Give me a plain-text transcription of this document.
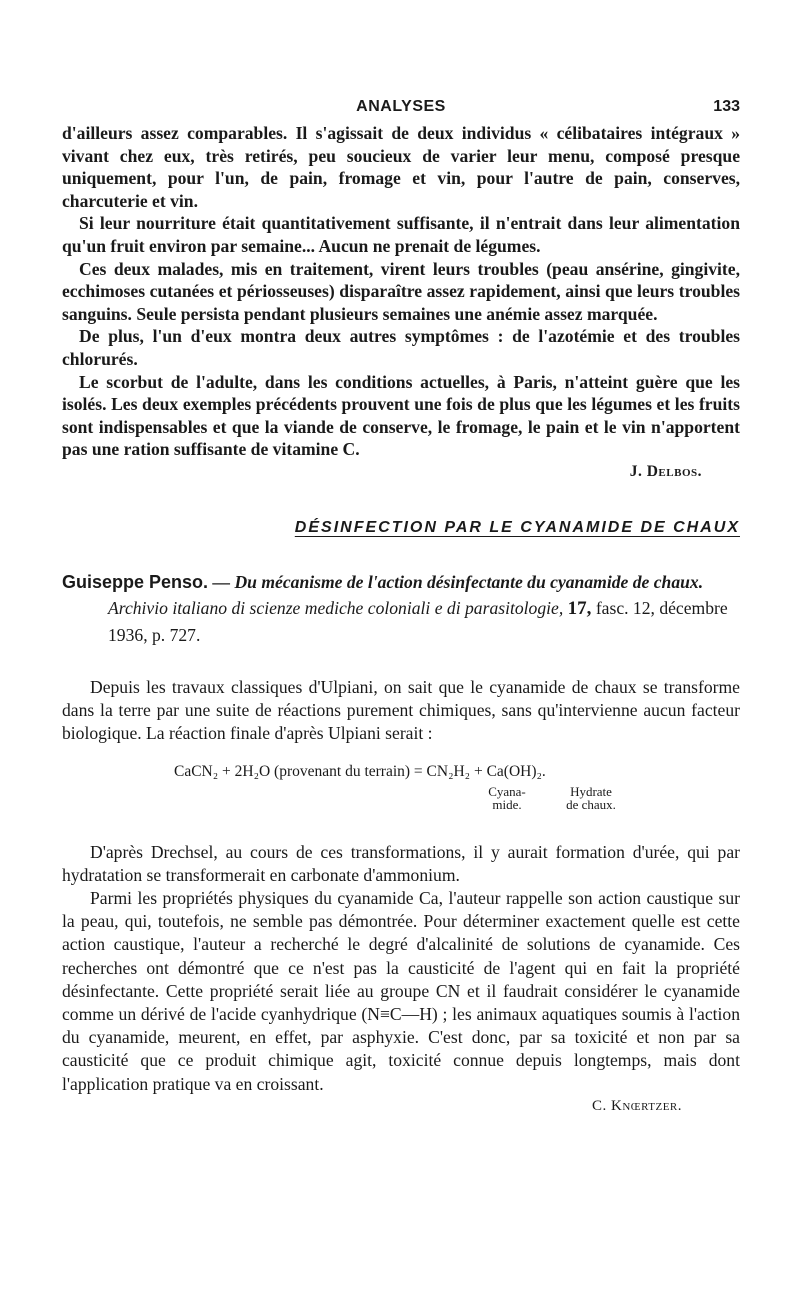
ANALYSES	133

d'ailleurs assez comparables. Il s'agissait de deux individus « célibataires intégraux » vivant chez eux, très retirés, peu soucieux de varier leur menu, composé presque uniquement, pour l'un, de pain, fromage et vin, pour l'autre de pain, conserves, charcuterie et vin.

Si leur nourriture était quantitativement suffisante, il n'entrait dans leur alimentation qu'un fruit environ par semaine... Aucun ne prenait de légumes.

Ces deux malades, mis en traitement, virent leurs troubles (peau ansérine, gingivite, ecchimoses cutanées et périosseuses) disparaître assez rapidement, ainsi que leurs troubles sanguins. Seule persista pendant plusieurs semaines une anémie assez marquée.

De plus, l'un d'eux montra deux autres symptômes : de l'azotémie et des troubles chlorurés.

Le scorbut de l'adulte, dans les conditions actuelles, à Paris, n'atteint guère que les isolés. Les deux exemples précédents prouvent une fois de plus que les légumes et les fruits sont indispensables et que la viande de conserve, le fromage, le pain et le vin n'apportent pas une ration suffisante de vitamine C.

J. Delbos.
DÉSINFECTION PAR LE CYANAMIDE DE CHAUX
Guiseppe Penso. — Du mécanisme de l'action désinfectante du cyanamide de chaux. Archivio italiano di scienze mediche coloniali e di parasitologie, 17, fasc. 12, décembre 1936, p. 727.

Depuis les travaux classiques d'Ulpiani, on sait que le cyanamide de chaux se transforme dans la terre par une suite de réactions purement chimiques, sans qu'intervienne aucun facteur biologique. La réaction finale d'après Ulpiani serait :

CaCN₂ + 2H₂O (provenant du terrain) = CN₂H₂ + Ca(OH)₂.
Cyana-
mide.
Hydrate
de chaux.

D'après Drechsel, au cours de ces transformations, il y aurait formation d'urée, qui par hydratation se transformerait en carbonate d'ammonium.

Parmi les propriétés physiques du cyanamide Ca, l'auteur rappelle son action caustique sur la peau, qui, toutefois, ne semble pas démontrée. Pour déterminer exactement quelle est cette action caustique, l'auteur a recherché le degré d'alcalinité de solutions de cyanamide. Ces recherches ont démontré que ce n'est pas la causticité de l'agent qui en fait la propriété désinfectante. Cette propriété serait liée au groupe CN et il faudrait considérer le cyanamide comme un dérivé de l'acide cyanhydrique (N≡C—H) ; les animaux aquatiques soumis à l'action du cyanamide, meurent, en effet, par asphyxie. C'est donc, par sa toxicité et non par sa causticité que ce produit chimique agit, toxicité connue depuis longtemps, mais dont l'application pratique va en croissant.

C. Knœrtzer.
